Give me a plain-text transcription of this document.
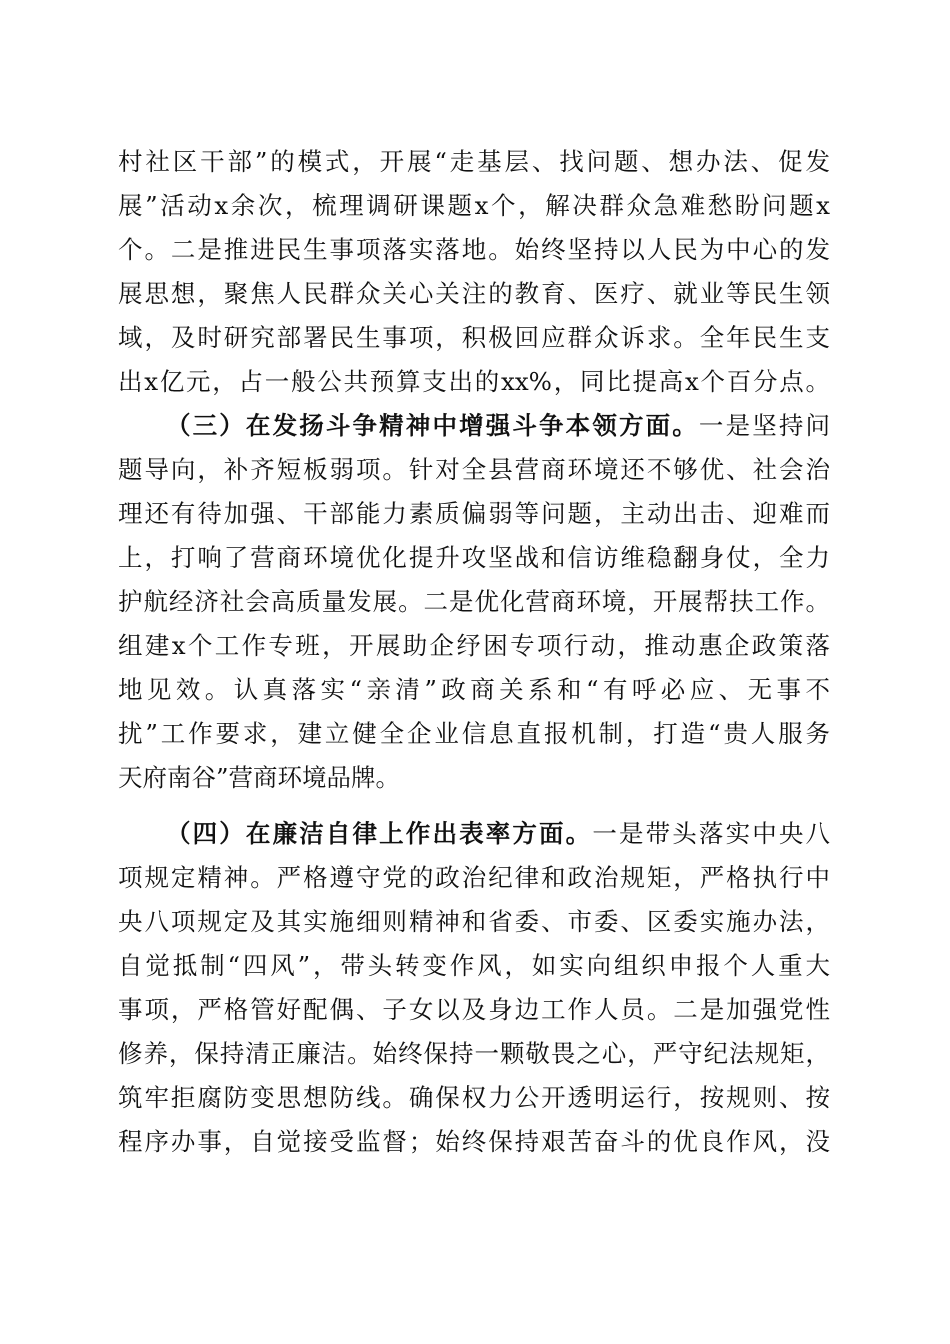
村社区干部”的模式，开展“走基层、找问题、想办法、促发
展”活动x余次，梳理调研课题x个，解决群众急难愁盼问题x
个。二是推进民生事项落实落地。始终坚持以人民为中心的发
展思想，聚焦人民群众关心关注的教育、医疗、就业等民生领
域，及时研究部署民生事项，积极回应群众诉求。全年民生支
出x亿元，占一般公共预算支出的xx%，同比提高x个百分点。
（三）在发扬斗争精神中增强斗争本领方面。一是坚持问
题导向，补齐短板弱项。针对全县营商环境还不够优、社会治
理还有待加强、干部能力素质偏弱等问题，主动出击、迎难而
上，打响了营商环境优化提升攻坚战和信访维稳翻身仗，全力
护航经济社会高质量发展。二是优化营商环境，开展帮扶工作。
组建x个工作专班，开展助企纾困专项行动，推动惠企政策落
地见效。认真落实“亲清”政商关系和“有呼必应、无事不
扰”工作要求，建立健全企业信息直报机制，打造“贵人服务
天府南谷”营商环境品牌。
（四）在廉洁自律上作出表率方面。一是带头落实中央八
项规定精神。严格遵守党的政治纪律和政治规矩，严格执行中
央八项规定及其实施细则精神和省委、市委、区委实施办法，
自觉抵制“四风”，带头转变作风，如实向组织申报个人重大
事项，严格管好配偶、子女以及身边工作人员。二是加强党性
修养，保持清正廉洁。始终保持一颗敬畏之心，严守纪法规矩，
筑牢拒腐防变思想防线。确保权力公开透明运行，按规则、按
程序办事，自觉接受监督；始终保持艰苦奋斗的优良作风，没
